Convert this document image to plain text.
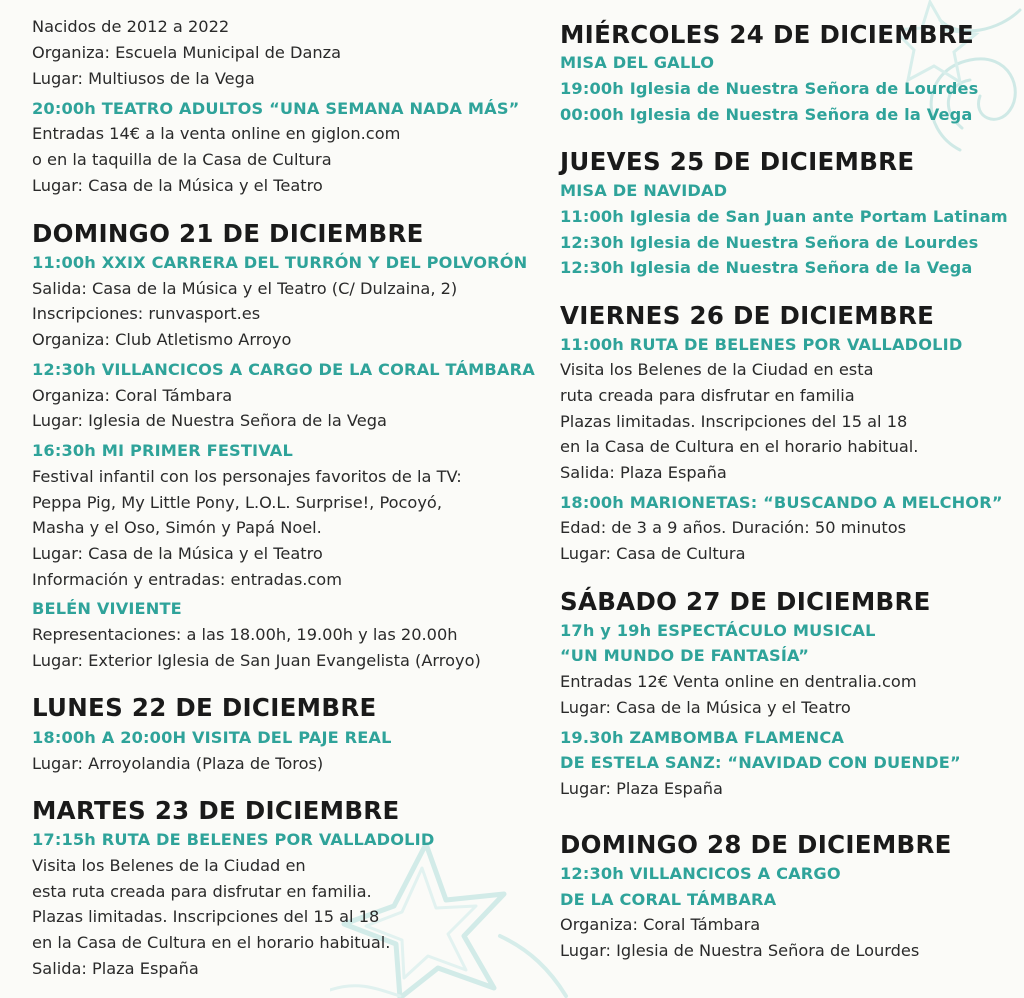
Nacidos de 2012 a 2022
Organiza: Escuela Municipal de Danza
Lugar: Multiusos de la Vega
20:00h TEATRO ADULTOS “UNA SEMANA NADA MÁS”
Entradas 14€ a la venta online en giglon.com
o en la taquilla de la Casa de Cultura
Lugar: Casa de la Música y el Teatro
DOMINGO 21 DE DICIEMBRE
11:00h XXIX CARRERA DEL TURRÓN Y DEL POLVORÓN
Salida: Casa de la Música y el Teatro (C/ Dulzaina, 2)
Inscripciones: runvasport.es
Organiza: Club Atletismo Arroyo
12:30h VILLANCICOS A CARGO DE LA CORAL TÁMBARA
Organiza: Coral Támbara
Lugar: Iglesia de Nuestra Señora de la Vega
16:30h MI PRIMER FESTIVAL
Festival infantil con los personajes favoritos de la TV:
Peppa Pig, My Little Pony, L.O.L. Surprise!, Pocoyó,
Masha y el Oso, Simón y Papá Noel.
Lugar: Casa de la Música y el Teatro
Información y entradas: entradas.com
BELÉN VIVIENTE
Representaciones: a las 18.00h, 19.00h y las 20.00h
Lugar: Exterior Iglesia de San Juan Evangelista (Arroyo)
LUNES 22 DE DICIEMBRE
18:00h A 20:00H VISITA DEL PAJE REAL
Lugar: Arroyolandia (Plaza de Toros)
MARTES 23 DE DICIEMBRE
17:15h RUTA DE BELENES POR VALLADOLID
Visita los Belenes de la Ciudad en
esta ruta creada para disfrutar en familia.
Plazas limitadas. Inscripciones del 15 al 18
en la Casa de Cultura en el horario habitual.
Salida: Plaza España
MIÉRCOLES 24 DE DICIEMBRE
MISA DEL GALLO
19:00h Iglesia de Nuestra Señora de Lourdes
00:00h Iglesia de Nuestra Señora de la Vega
JUEVES 25 DE DICIEMBRE
MISA DE NAVIDAD
11:00h Iglesia de San Juan ante Portam Latinam
12:30h Iglesia de Nuestra Señora de Lourdes
12:30h Iglesia de Nuestra Señora de la Vega
VIERNES 26 DE DICIEMBRE
11:00h RUTA DE BELENES POR VALLADOLID
Visita los Belenes de la Ciudad en esta
ruta creada para disfrutar en familia
Plazas limitadas. Inscripciones del 15 al 18
en la Casa de Cultura en el horario habitual.
Salida: Plaza España
18:00h MARIONETAS: “BUSCANDO A MELCHOR”
Edad: de 3 a 9 años. Duración: 50 minutos
Lugar: Casa de Cultura
SÁBADO 27 DE DICIEMBRE
17h y 19h ESPECTÁCULO MUSICAL
“UN MUNDO DE FANTASÍA”
Entradas 12€ Venta online en dentralia.com
Lugar: Casa de la Música y el Teatro
19.30h ZAMBOMBA FLAMENCA
DE ESTELA SANZ: “NAVIDAD CON DUENDE”
Lugar: Plaza España
DOMINGO 28 DE DICIEMBRE
12:30h VILLANCICOS A CARGO
DE LA CORAL TÁMBARA
Organiza: Coral Támbara
Lugar: Iglesia de Nuestra Señora de Lourdes
